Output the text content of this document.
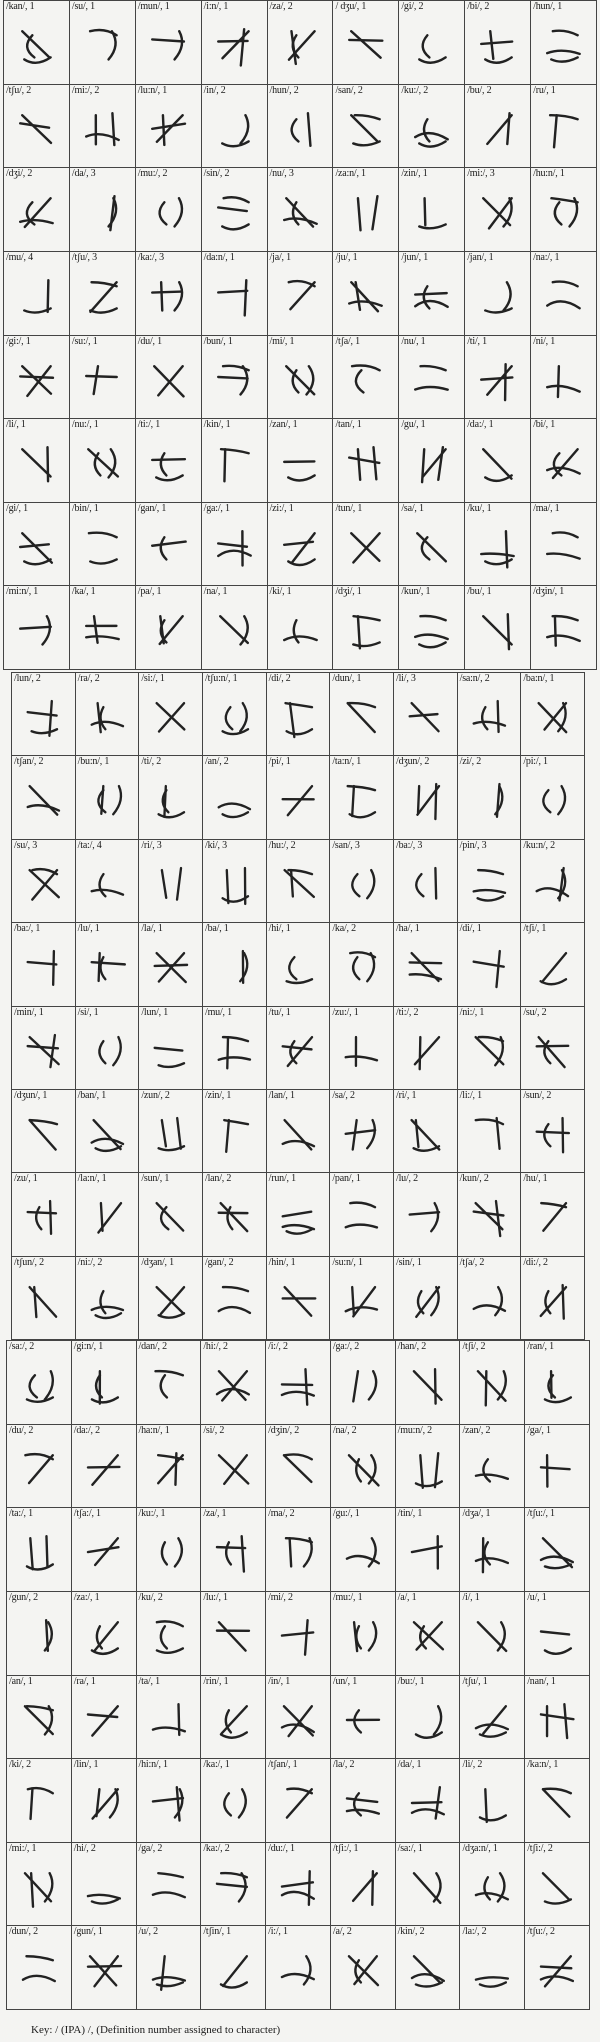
/kan/, 1	/su/, 1	/mun/, 1	/i:n/, 1	/za/, 2	/ dʒu/, 1	/gi/, 2	/bi/, 2	/hun/, 1
/tʃu/, 2	/mi:/, 2	/lu:n/, 1	/in/, 2	/hun/, 2	/san/, 2	/ku:/, 2	/bu/, 2	/ru/, 1
/dʒi/, 2	/da/, 3	/mu:/, 2	/sin/, 2	/nu/, 3	/za:n/, 1	/zin/, 1	/mi:/, 3	/hu:n/, 1
/mu/, 4	/tʃu/, 3	/ka:/, 3	/da:n/, 1	/ja/, 1	/ju/, 1	/jun/, 1	/jan/, 1	/na:/, 1
/gi:/, 1	/su:/, 1	/du/, 1	/bun/, 1	/mi/, 1	/tʃa/, 1	/nu/, 1	/ti/, 1	/ni/, 1
/li/, 1	/nu:/, 1	/ti:/, 1	/kin/, 1	/zan/, 1	/tan/, 1	/gu/, 1	/da:/, 1	/bi/, 1
/gi/, 1	/bin/, 1	/gan/, 1	/ga:/, 1	/zi:/, 1	/tun/, 1	/sa/, 1	/ku/, 1	/ma/, 1
/mi:n/, 1	/ka/, 1	/pa/, 1	/na/, 1	/ki/, 1	/dʒi/, 1	/kun/, 1	/bu/, 1	/dʒin/, 1
/lun/, 2	/ra/, 2	/si:/, 1	/tʃu:n/, 1	/di/, 2	/dun/, 1	/li/, 3	/sa:n/, 2	/ba:n/, 1
/tʃan/, 2	/bu:n/, 1	/ti/, 2	/an/, 2	/pi/, 1	/ta:n/, 1	/dʒun/, 2	/zi/, 2	/pi:/, 1
/su/, 3	/ta:/, 4	/ri/, 3	/ki/, 3	/hu:/, 2	/san/, 3	/ba:/, 3	/pin/, 3	/ku:n/, 2
/ba:/, 1	/lu/, 1	/la/, 1	/ba/, 1	/hi/, 1	/ka/, 2	/ha/, 1	/di/, 1	/tʃi/, 1
/min/, 1	/si/, 1	/lun/, 1	/mu/, 1	/tu/, 1	/zu:/, 1	/ti:/, 2	/ni:/, 1	/su/, 2
/dʒun/, 1	/ban/, 1	/zun/, 2	/zin/, 1	/lan/, 1	/sa/, 2	/ri/, 1	/li:/, 1	/sun/, 2
/zu/, 1	/la:n/, 1	/sun/, 1	/lan/, 2	/run/, 1	/pan/, 1	/lu/, 2	/kun/, 2	/hu/, 1
/tʃun/, 2	/ni:/, 2	/dʒan/, 1	/gan/, 2	/hin/, 1	/su:n/, 1	/sin/, 1	/tʃa/, 2	/di:/, 2
/sa:/, 2	/gi:n/, 1	/dan/, 2	/hi:/, 2	/i:/, 2	/ga:/, 2	/han/, 2	/tʃi/, 2	/ran/, 1
/du/, 2	/da:/, 2	/ha:n/, 1	/si/, 2	/dʒin/, 2	/na/, 2	/mu:n/, 2	/zan/, 2	/ga/, 1
/ta:/, 1	/tʃa:/, 1	/ku:/, 1	/za/, 1	/ma/, 2	/gu:/, 1	/tin/, 1	/dʒa/, 1	/tʃu:/, 1
/gun/, 2	/za:/, 1	/ku/, 2	/lu:/, 1	/mi/, 2	/mu:/, 1	/a/, 1	/i/, 1	/u/, 1
/an/, 1	/ra/, 1	/ta/, 1	/rin/, 1	/in/, 1	/un/, 1	/bu:/, 1	/tʃu/, 1	/nan/, 1
/ki/, 2	/lin/, 1	/hi:n/, 1	/ka:/, 1	/tʃan/, 1	/la/, 2	/da/, 1	/li/, 2	/ka:n/, 1
/mi:/, 1	/hi/, 2	/ga/, 2	/ka:/, 2	/du:/, 1	/tʃi:/, 1	/sa:/, 1	/dʒa:n/, 1	/tʃi:/, 2
/dun/, 2	/gun/, 1	/u/, 2	/tʃin/, 1	/i:/, 1	/a/, 2	/kin/, 2	/la:/, 2	/tʃu:/, 2
Key: / (IPA) /, (Definition number assigned to character)
